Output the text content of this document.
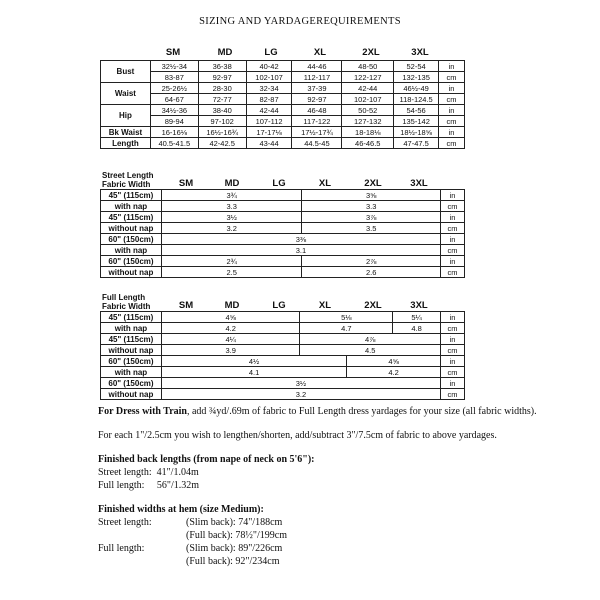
SIZING AND YARDAGEREQUIREMENTS
SM	MD	LG	XL	2XL	3XL
Bust	32½-34	36-38	40-42	44-46	48-50	52-54	in
	83-87	92-97	102-107	112-117	122-127	132-135	cm
Waist	25-26½	28-30	32-34	37-39	42-44	46½-49	in
	64-67	72-77	82-87	92-97	102-107	118-124.5	cm
Hip	34½-36	38-40	42-44	46-48	50-52	54-56	in
	89-94	97-102	107-112	117-122	127-132	135-142	cm
Bk Waist	16-16⅛	16½-16¾	17-17⅛	17½-17¾	18-18⅛	18½-18⅝	in
Length	40.5-41.5	42-42.5	43-44	44.5-45	46-46.5	47-47.5	cm
Street Length
Fabric Width	SM	MD	LG	XL	2XL	3XL
45" (115cm)	3¾	3⅝	in
with nap	3.3	3.3	cm
45" (115cm)	3½	3⅞	in
without nap	3.2	3.5	cm
60" (150cm)	3⅜		in
with nap	3.1		cm
60" (150cm)	2¾	2⅞	in
without nap	2.5	2.6	cm
Full Length
Fabric Width	SM	MD	LG	XL	2XL	3XL
45" (115cm)	4⅝	5⅛		5¼	in
with nap	4.2	4.7		4.8	cm
45" (115cm)	4¼	4⅞			in
without nap	3.9	4.5			cm
60" (150cm)	4½		4⅝		in
with nap	4.1		4.2		cm
60" (150cm)	3½				in
without nap	3.2				cm

For Dress with Train, add ¾yd/.69m of fabric to Full Length dress yardages for your size (all fabric widths).

For each 1"/2.5cm you wish to lengthen/shorten, add/subtract 3"/7.5cm of fabric to above yardages.

Finished back lengths (from nape of neck on 5'6"):

Street length:  41"/1.04m

Full length:     56"/1.32m

Finished widths at hem (size Medium):

Street length:	(Slim back): 74"/188cm
(Full back): 78½"/199cm
Full length:	(Slim back): 89"/226cm
(Full back): 92"/234cm
